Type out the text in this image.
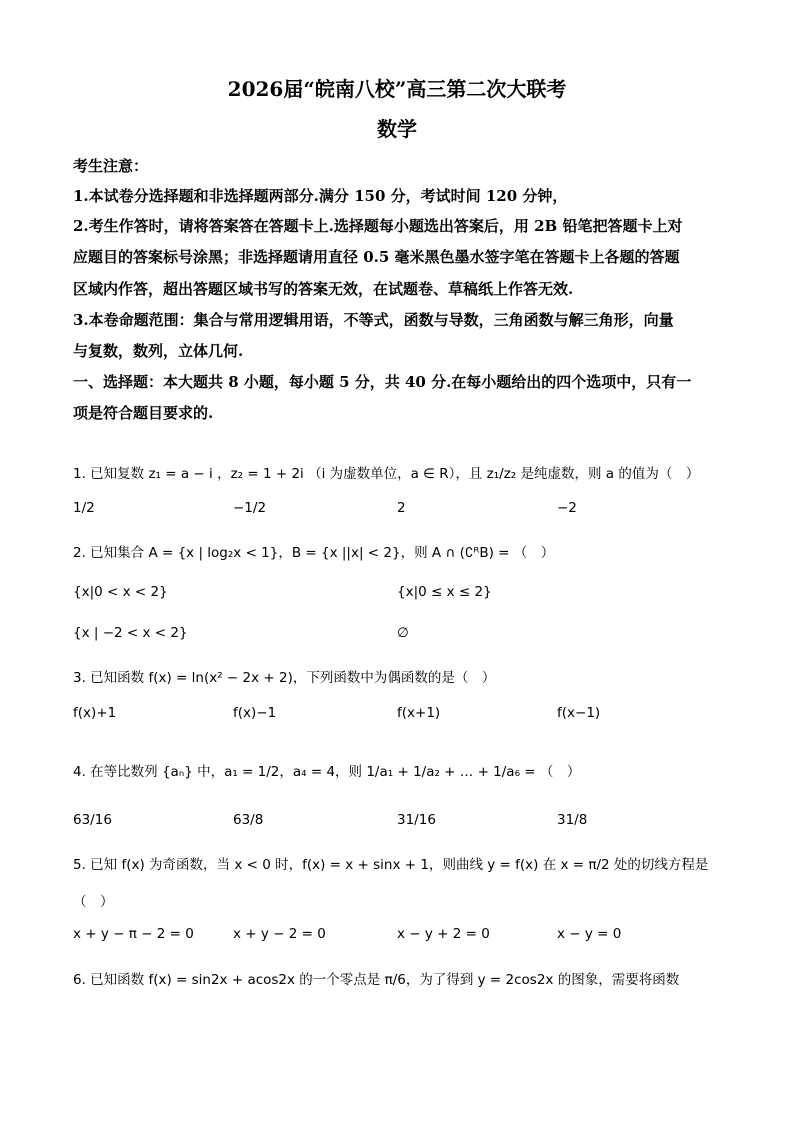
2026届“皖南八校”高三第二次大联考
数学
考生注意：
1.本试卷分选择题和非选择题两部分.满分 150 分，考试时间 120 分钟，
2.考生作答时，请将答案答在答题卡上.选择题每小题选出答案后，用 2B 铅笔把答题卡上对
应题目的答案标号涂黑；非选择题请用直径 0.5 毫米黑色墨水签字笔在答题卡上各题的答题
区域内作答，超出答题区域书写的答案无效，在试题卷、草稿纸上作答无效.
3.本卷命题范围：集合与常用逻辑用语，不等式，函数与导数，三角函数与解三角形，向量
与复数，数列，立体几何.
一、选择题：本大题共 8 小题，每小题 5 分，共 40 分.在每小题给出的四个选项中，只有一
项是符合题目要求的.
1. 已知复数 z₁ = a − i ，z₂ = 1 + 2i （i 为虚数单位，a ∈ R），且 z₁/z₂ 是纯虚数，则 a 的值为（　）
1/2	−1/2	2	−2
2. 已知集合 A = {x | log₂x < 1}，B = {x ||x| < 2}，则 A ∩ (∁ᴿB) = （　）
{x|0 < x < 2}	{x|0 ≤ x ≤ 2}
{x | −2 < x < 2}	∅
3. 已知函数 f(x) = ln(x² − 2x + 2)，下列函数中为偶函数的是（　）
f(x)+1	f(x)−1	f(x+1)	f(x−1)
4. 在等比数列 {aₙ} 中，a₁ = 1/2，a₄ = 4，则 1/a₁ + 1/a₂ + … + 1/a₆ = （　）
63/16	63/8	31/16	31/8
5. 已知 f(x) 为奇函数，当 x < 0 时，f(x) = x + sinx + 1，则曲线 y = f(x) 在 x = π/2 处的切线方程是
（　）
x + y − π − 2 = 0	x + y − 2 = 0	x − y + 2 = 0	x − y = 0
6. 已知函数 f(x) = sin2x + acos2x 的一个零点是 π/6，为了得到 y = 2cos2x 的图象，需要将函数
